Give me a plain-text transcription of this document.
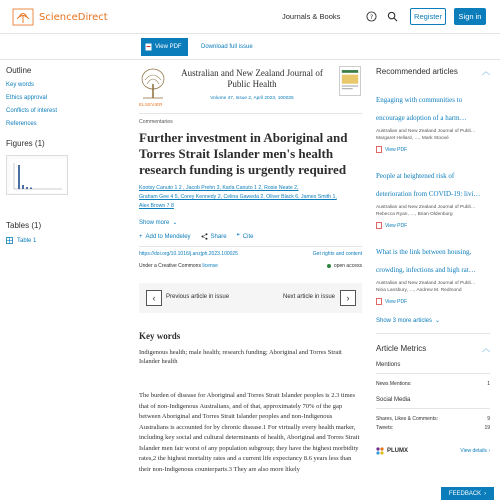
ScienceDirect	Journals & Books	?	Register	Sign in
View PDF	Download full issue
Outline
Key words
Ethics approval
Conflicts of interest
References
Figures (1)
Tables (1)
Table 1
ELSEVIER
Australian and New Zealand Journal of Public Health
Volume 47, Issue 2, April 2023, 100025
Commentaries
Further investment in Aboriginal and Torres Strait Islander men's health research funding is urgently required
Kootsy Canuto 1 2 , Jacob Prehn 3, Karla Canuto 1 2, Rosie Neate 2,
Graham Gee 4 5, Corey Kennedy 2, Celina Gaweda 2, Oliver Black 6, James Smith 1,
Alex Brown 7 8
Show more ⌄
+ Add to Mendeley	Share ❞ Cite
https://doi.org/10.1016/j.anzjph.2023.100025	Get rights and content
Under a Creative Commons license	open access
‹	Previous article in issue	Next article in issue	›
Key words

Indigenous health; male health; research funding; Aboriginal and Torres Strait Islander health

The burden of disease for Aboriginal and Torres Strait Islander peoples is 2.3 times that of non-Indigenous Australians, and of that, approximately 70% of the gap between Aboriginal and Torres Strait Islander peoples and non-Indigenous Australians is accounted for by chronic disease.1 For virtually every health marker, including key social and cultural determinants of health, Aboriginal and Torres Strait Islander men fair worst of any population subgroup; they have the highest morbidity rates,2 the highest mortality rates and a current life expectancy 8.6 years less than their non-Indigenous counterparts.3 They are also more likely

Recommended articles	︿
Engaging with communities to encourage adoption of a harm…
Australian and New Zealand Journal of Publi…
Margaret Hellard, …, Mark Stoové
View PDF
People at heightened risk of deterioration from COVID-19: livi…
Australian and New Zealand Journal of Publi…
Rebecca Ryan, …, Brian Oldenburg
View PDF
What is the link between housing, crowding, infections and high rat…
Australian and New Zealand Journal of Publi…
Nina Lansbury, …, Andrew M. Redmond
View PDF
Show 3 more articles ⌄
Article Metrics	︿
Mentions
News Mentions:	1
Social Media
Shares, Likes & Comments:	9
Tweets:	19
PLUMX	View details ›
FEEDBACK ›
